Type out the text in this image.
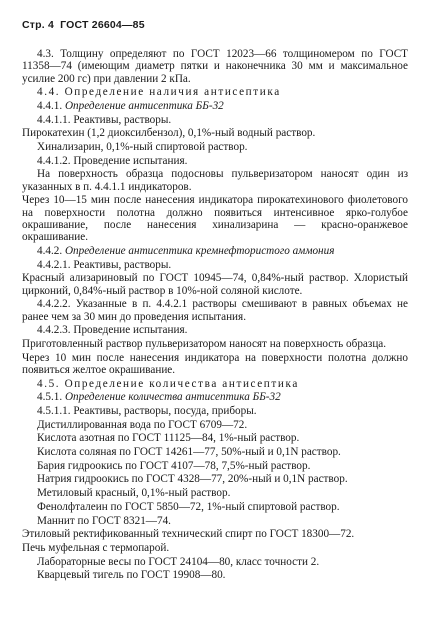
Стр. 4 ГОСТ 26604—85

4.3. Толщину определяют по ГОСТ 12023—66 толщиномером по ГОСТ 11358—74 (имеющим диаметр пятки и наконечника 30 мм и максимальное усилие 200 гс) при давлении 2 кПа.

4.4. Определение наличия антисептика

4.4.1. Определение антисептика ББ-32

4.4.1.1. Реактивы, растворы.

Пирокатехин (1,2 диоксилбензол), 0,1%-ный водный раствор.

Хинализарин, 0,1%-ный спиртовой раствор.

4.4.1.2. Проведение испытания.

На поверхность образца подосновы пульверизатором наносят один из указанных в п. 4.4.1.1 индикаторов.

Через 10—15 мин после нанесения индикатора пирокатехинового фиолетового на поверхности полотна должно появиться интенсивное ярко-голубое окрашивание, после нанесения хинализарина — красно-оранжевое окрашивание.

4.4.2. Определение антисептика кремнефтористого аммония

4.4.2.1. Реактивы, растворы.

Красный ализариновый по ГОСТ 10945—74, 0,84%-ный раствор. Хлористый цирконий, 0,84%-ный раствор в 10%-ной соляной кислоте.

4.4.2.2. Указанные в п. 4.4.2.1 растворы смешивают в равных объемах не ранее чем за 30 мин до проведения испытания.

4.4.2.3. Проведение испытания.

Приготовленный раствор пульверизатором наносят на поверхность образца.

Через 10 мин после нанесения индикатора на поверхности полотна должно появиться желтое окрашивание.

4.5. Определение количества антисептика

4.5.1. Определение количества антисептика ББ-32

4.5.1.1. Реактивы, растворы, посуда, приборы.

Дистиллированная вода по ГОСТ 6709—72.

Кислота азотная по ГОСТ 11125—84, 1%-ный раствор.

Кислота соляная по ГОСТ 14261—77, 50%-ный и 0,1N раствор.

Бария гидроокись по ГОСТ 4107—78, 7,5%-ный раствор.

Натрия гидроокись по ГОСТ 4328—77, 20%-ный и 0,1N раствор.

Метиловый красный, 0,1%-ный раствор.

Фенолфталеин по ГОСТ 5850—72, 1%-ный спиртовой раствор.

Маннит по ГОСТ 8321—74.

Этиловый ректификованный технический спирт по ГОСТ 18300—72.

Печь муфельная с термопарой.

Лабораторные весы по ГОСТ 24104—80, класс точности 2.

Кварцевый тигель по ГОСТ 19908—80.
